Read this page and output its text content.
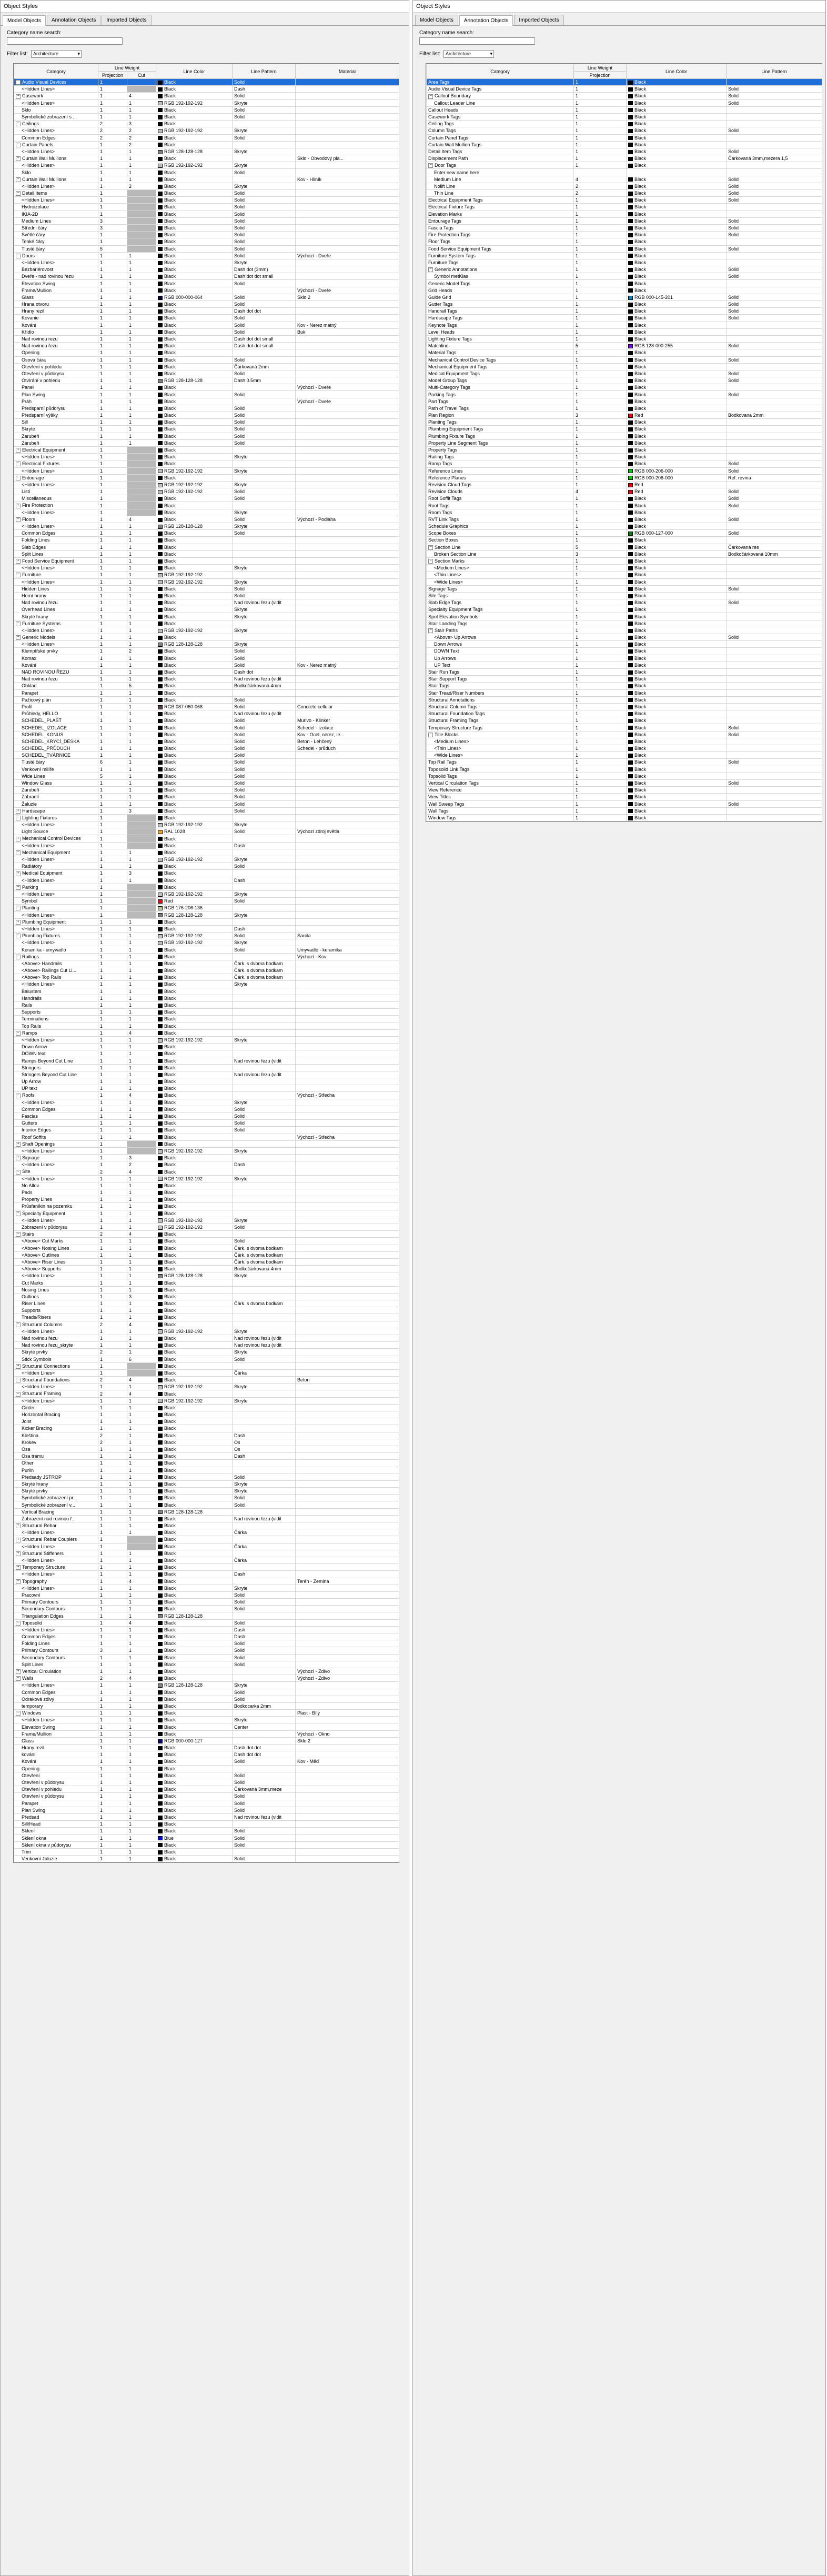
Object Styles
Model Objects	Annotation Objects	Imported Objects
Category name search:
Filter list:	Architecture ▾
Category	Line Weight		Line Color	Line Pattern	Material
	Projection	Cut			
+ Audio Visual Devices	1		Black	Solid	
<Hidden Lines>	1		Black	Dash	
− Casework	1	4	Black	Solid	
<Hidden Lines>	1	1	RGB 192-192-192	Skryte	
Sklo	1	1	Black	Solid	
Symbolické zobrazení s ...	1	1	Black	Solid	
− Ceilings	2	3	Black		
<Hidden Lines>	2	2	RGB 192-192-192	Skryte	
Common Edges	2	2	Black	Solid	
− Curtain Panels	1	2	Black		
<Hidden Lines>	1	1	RGB 128-128-128	Skryte	
− Curtain Wall Mullions	1	1	Black		Sklo - Obvodový pla...
<Hidden Lines>	1	1	RGB 192-192-192	Skryte	
Sklo	1	1	Black	Solid	
− Curtain Wall Mullions	1	1	Black		Kov - Hliník
<Hidden Lines>	1	2	Black	Skryte	
− Detail Items	1		Black	Solid	
<Hidden Lines>	1		Black	Solid	
Hydroizolace	1		Black	Solid	
IKIA-2D	1		Black	Solid	
Medium Lines	3		Black	Solid	
Středni čáry	3		Black	Solid	
Světlé čáry	1		Black	Solid	
Tenké čáry	1		Black	Solid	
Tlusté čáry	5		Black	Solid	
− Doors	1	1	Black	Solid	Výchozí - Dveře
<Hidden Lines>	1	1	Black	Skryte	
Bezbariérovost	1	1	Black	Dash dot (3mm)	
Dveře - nad rovinou řezu	1	1	Black	Dash dot dot small	
Elevation Swing	1	1	Black	Solid	
Frame/Mullion	1	1	Black		Výchozí - Dveře
Glass	1	1	RGB 000-000-064	Solid	Sklo 2
Hrana otvoru	1	1	Black	Solid	
Hrany rezil	1	1	Black	Dash dot dot	
Kovanie	1	1	Black	Solid	
Kování	1	1	Black	Solid	Kov - Nerez matný
Křídlo	1	1	Black	Solid	Buk
Nad rovinou rezu	1	1	Black	Dash dot dot small	
Nad rovinou řezu	1	1	Black	Dash dot dot small	
Opening	1	1	Black		
Osová čára	1	1	Black	Solid	
Otevření v pohledu	1	1	Black	Čárkovaná 2mm	
Otevření v půdorysu	1	1	Black	Solid	
Otvírání v pohledu	1	1	RGB 128-128-128	Dash 0.5mm	
Panel	1	1	Black		Výchozí - Dveře
Plan Swing	1	1	Black	Solid	
Práh	1	1	Black		Výchozí - Dveře
Předsparní půdorysu	1	1	Black	Solid	
Předsparní výšky	1	1	Black	Solid	
Sill	1	1	Black	Solid	
Skryte	1	1	Black	Solid	
Zarubeň	1	1	Black	Solid	
Zárubeň	1	1	Black	Solid	
+ Electrical Equipment	1		Black		
<Hidden Lines>	1		Black	Skryte	
− Electrical Fixtures	1		Black		
<Hidden Lines>	1		RGB 192-192-192	Skryte	
− Entourage	1		Black		
<Hidden Lines>	1		RGB 192-192-192	Skryte	
Listí	1		RGB 192-192-192	Solid	
Miscellaneous	1		Black	Solid	
+ Fire Protection	1		Black		
<Hidden Lines>	1		Black	Skryte	
− Floors	1	4	Black	Solid	Výchozí - Podlaha
<Hidden Lines>	1	1	RGB 128-128-128	Skryte	
Common Edges	1	1	Black	Solid	
Folding Lines	1	1	Black		
Slab Edges	1	1	Black		
Split Lines	1	1	Black		
+ Food Service Equipment	1	1	Black		
<Hidden Lines>	1	1	Black	Skryte	
− Furniture	1	1	RGB 192-192-192		
<Hidden Lines>	1	1	RGB 192-192-192	Skryte	
Hidden Lines	1	1	Black	Solid	
Horní hrany	1	1	Black	Solid	
Nad rovinou řezu	1	1	Black	Nad rovinou řezu (vidit	
Overhead Lines	1	1	Black	Skryte	
Skryté hrany	1	1	Black	Skryte	
− Furniture Systems	1	1	Black		
<Hidden Lines>	1	1	RGB 192-192-192	Skryte	
− Generic Models	1	1	Black		
<Hidden Lines>	1	1	RGB 128-128-128	Skryte	
Klempířské prvky	1	2	Black	Solid	
Komax	1	1	Black	Solid	
Kování	1	1	Black	Solid	Kov - Nerez matný
NAD ROVINOU ŘEZU	1	1	Black	Dash dot	
Nad rovinou řezu	1	1	Black	Nad rovinou řezu (vidit	
Obklad	1	5	Black	Bodkočárkovaná 4mm	
Parapet	1	1	Black		
Pažicový plán	1	1	Black	Solid	
Profil	1	1	RGB 087-060-068	Solid	Concrete cellular
Průhledy, HELLO	1	1	Black	Nad rovinou řezu (vidit	
SCHEDEL_PLÁŠŤ	1	1	Black	Solid	Murivo - Klinker
SCHEDEL_IZOLACE	1	1	Black	Solid	Schedel - izolace
SCHEDEL_KONUS	1	1	Black	Solid	Kov - Ocel, nerez, le...
SCHEDEL_KRYCÍ_DESKA	1	1	Black	Solid	Beton - Lehčený
SCHEDEL_PRŮDUCH	1	1	Black	Solid	Schedel - průduch
SCHEDEL_TVÁRNICE	1	1	Black	Solid	
Tlusté čáry	6	1	Black	Solid	
Venkovní milíře	1	1	Black	Solid	
Wide Lines	5	1	Black	Solid	
Window Glass	1	1	Black	Solid	
Zarubeň	1	1	Black	Solid	
Zábradlí	1	1	Black	Solid	
Žaluzie	1	1	Black	Solid	
+ Hardscape	1	3	Black	Solid	
− Lighting Fixtures	1		Black		
<Hidden Lines>	1		RGB 192-192-192	Skryte	
Light Source	1		RAL 1028	Solid	Výchozí zdroj světla
+ Mechanical Control Devices	1		Black		
<Hidden Lines>	1		Black	Dash	
− Mechanical Equipment	1	1	Black		
<Hidden Lines>	1	1	RGB 192-192-192	Skryte	
Radiátory	1	1	Black	Solid	
+ Medical Equipment	1	3	Black		
<Hidden Lines>	1	1	Black	Dash	
− Parking	1		Black		
<Hidden Lines>	1		RGB 192-192-192	Skryte	
Symbol	1		Red	Solid	
− Planting	1		RGB 176-206-136		
<Hidden Lines>	1		RGB 128-128-128	Skryte	
+ Plumbing Equipment	1	1	Black		
<Hidden Lines>	1	1	Black	Dash	
− Plumbing Fixtures	1	1	RGB 192-192-192	Solid	Sanita
<Hidden Lines>	1	1	RGB 192-192-192	Skryte	
Keramika - umyvadlo	1	1	Black	Solid	Umyvadlo - keramika
− Railings	1	1	Black		Výchozí - Kov
<Above> Handrails	1	1	Black	Čárk. s dvoma bodkam	
<Above> Railings Cut Li...	1	1	Black	Čárk. s dvoma bodkam	
<Above> Top Rails	1	1	Black	Čárk. s dvoma bodkam	
<Hidden Lines>	1	1	Black	Skryte	
Balusters	1	1	Black		
Handrails	1	1	Black		
Rails	1	1	Black		
Supports	1	1	Black		
Terminations	1	1	Black		
Top Rails	1	1	Black		
− Ramps	1	4	Black		
<Hidden Lines>	1	1	RGB 192-192-192	Skryte	
Down Arrow	1	1	Black		
DOWN text	1	1	Black		
Ramps Beyond Cut Line	1	1	Black	Nad rovinou řezu (vidit	
Stringers	1	1	Black		
Stringers Beyond Cut Line	1	1	Black	Nad rovinou řezu (vidit	
Up Arrow	1	1	Black		
UP text	1	1	Black		
− Roofs	1	4	Black		Výchozí - Střecha
<Hidden Lines>	1	1	Black	Skryte	
Common Edges	1	1	Black	Solid	
Fascias	1	1	Black	Solid	
Gutters	1	1	Black	Solid	
Interior Edges	1	1	Black	Solid	
Roof Soffits	1	1	Black		Výchozí - Střecha
+ Shaft Openings	1		Black		
<Hidden Lines>	1		RGB 192-192-192	Skryte	
+ Signage	1	3	Black		
<Hidden Lines>	1	2	Black	Dash	
− Site	2	4	Black		
<Hidden Lines>	1	1	RGB 192-192-192	Skryte	
No Allov	1	1	Black		
Pads	1	1	Black		
Property Lines	1	1	Black		
Průsfaníkin na pozemku	1	1	Black		
− Specialty Equipment	1	1	Black		
<Hidden Lines>	1	1	RGB 192-192-192	Skryte	
Zobrazení v půdorysu	1	1	RGB 192-192-192	Solid	
− Stairs	2	4	Black		
<Above> Cut Marks	1	1	Black	Solid	
<Above> Nosing Lines	1	1	Black	Čárk. s dvoma bodkam	
<Above> Outlines	1	1	Black	Čárk. s dvoma bodkam	
<Above> Riser Lines	1	1	Black	Čárk. s dvoma bodkam	
<Above> Supports	1	1	Black	Bodkočárkovaná 4mm	
<Hidden Lines>	1	1	RGB 128-128-128	Skryte	
Cut Marks	1	1	Black		
Nosing Lines	1	1	Black		
Outlines	1	3	Black		
Riser Lines	1	1	Black	Čárk. s dvoma bodkam	
Supports	1	1	Black		
Treads/Risers	1	1	Black		
− Structural Columns	2	4	Black		
<Hidden Lines>	1	1	RGB 192-192-192	Skryte	
Nad rovinou řezu	1	1	Black	Nad rovinou řezu (vidit	
Nad rovinou řezu_skryte	1	1	Black	Nad rovinou řezu (vidit	
Skryté prvky	2	1	Black	Skryte	
Stick Symbols	1	6	Black	Solid	
+ Structural Connections	1		Black		
<Hidden Lines>	1		Black	Čárka	
− Structural Foundations	2	4	Black		Beton
<Hidden Lines>	1	1	RGB 192-192-192	Skryte	
− Structural Framing	2	4	Black		
<Hidden Lines>	1	1	RGB 192-192-192	Skryte	
Girder	1	1	Black		
Horizontal Bracing	1	1	Black		
Joist	1	1	Black		
Kicker Bracing	1	1	Black		
Kleština	2	1	Black	Dash	
Krokev	2	1	Black	Os	
Osa	1	1	Black	Os	
Osa trámu	1	1	Black	Dash	
Other	1	1	Black		
Purlin	1	1	Black		
Předsady JSTROP	1	1	Black	Solid	
Skryté hrany	1	1	Black	Skryte	
Skryté prvky	1	1	Black	Skryte	
Symbolické zobrazení pr...	1	1	Black	Solid	
Symbolické zobrazení v...	1	1	Black	Solid	
Vertical Bracing	1	1	RGB 128-128-128		
Zobrazení nad rovinou ř...	1	1	Black	Nad rovinou řezu (vidit	
+ Structural Rebar	1	1	Black		
<Hidden Lines>	1	1	Black	Čárka	
+ Structural Rebar Couplers	1		Black		
<Hidden Lines>	1		Black	Čárka	
+ Structural Stiffeners	1	1	Black		
<Hidden Lines>	1	1	Black	Čárka	
+ Temporary Structure	1	1	Black		
<Hidden Lines>	1	1	Black	Dash	
− Topography	1	4	Black		Terén - Zemina
<Hidden Lines>	1	1	Black	Skryte	
Pracovní	1	1	Black	Solid	
Primary Contours	1	1	Black	Solid	
Secondary Contours	1	1	Black	Solid	
Triangulation Edges	1	1	RGB 128-128-128		
− Toposolid	1	4	Black	Solid	
<Hidden Lines>	1	1	Black	Dash	
Common Edges	1	1	Black	Dash	
Folding Lines	1	1	Black	Solid	
Primary Contours	3	1	Black	Solid	
Secondary Contours	1	1	Black	Solid	
Split Lines	1	1	Black	Solid	
+ Vertical Circulation	1	1	Black		Výchozí - Zdivo
− Walls	2	4	Black		Výchozí - Zdivo
<Hidden Lines>	1	1	RGB 128-128-128	Skryte	
Common Edges	1	1	Black	Solid	
Odraková zdivy	1	1	Black	Solid	
temporary	1	1	Black	Bodkocarka 2mm	
− Windows	1	1	Black		Plast - Bíly
<Hidden Lines>	1	1	Black	Skryte	
Elevation Swing	1	1	Black	Center	
Frame/Mullion	1	1	Black		Výchozí - Okno
Glass	1	1	RGB 000-000-127		Sklo 2
Hrany rezil	1	1	Black	Dash dot dot	
kování	1	1	Black	Dash dot dot	
Kování	1	1	Black	Solid	Kov - Měď
Opening	1	1	Black		
Otevření	1	1	Black	Solid	
Otevření v půdorysu	1	1	Black	Solid	
Otevření v pohledu	1	1	Black	Čárkovaná 3mm,meze	
Otevření v půdorysu	1	1	Black	Solid	
Parapet	1	1	Black	Solid	
Plan Swing	1	1	Black	Solid	
Předsad	1	1	Black	Nad rovinou řezu (vidit	
Sill/Head	1	1	Black		
Sklení	1	1	Black	Solid	
Sklení okna	1	1	Blue	Solid	
Sklení okna v půdorysu	1	1	Black	Solid	
Trim	1	1	Black		
Venkovní žaluzie	1	1	Black	Solid	
Object Styles
Model Objects	Annotation Objects	Imported Objects
Category name search:
Filter list:	Architecture ▾
Category	Line Weight	Line Color	Line Pattern
	Projection		
Area Tags	1	Black	
Audio Visual Device Tags	1	Black	Solid
− Callout Boundary	1	Black	Solid
Callout Leader Line	1	Black	Solid
Callout Heads	1	Black	
Casework Tags	1	Black	
Ceiling Tags	1	Black	
Column Tags	1	Black	Solid
Curtain Panel Tags	1	Black	
Curtain Wall Mullion Tags	1	Black	
Detail Item Tags	1	Black	Solid
Displacement Path	1	Black	Čárkovaná 3mm,mezera 1,5
− Door Tags	1	Black	
Enter new name here			
Medium Line	4	Black	Solid
Nolift Line	2	Black	Solid
Thin Line	2	Black	Solid
Electrical Equipment Tags	1	Black	Solid
Electrical Fixture Tags	1	Black	
Elevation Marks	1	Black	
Entourage Tags	1	Black	Solid
Fascia Tags	1	Black	Solid
Fire Protection Tags	1	Black	Solid
Floor Tags	1	Black	
Food Service Equipment Tags	1	Black	Solid
Furniture System Tags	1	Black	
Furniture Tags	1	Black	
− Generic Annotations	1	Black	Solid
Symbol metKlas	1	Black	Solid
Generic Model Tags	1	Black	
Grid Heads	1	Black	
Guide Grid	1	RGB 000-145-201	Solid
Gutter Tags	1	Black	Solid
Handrail Tags	1	Black	Solid
Hardscape Tags	1	Black	Solid
Keynote Tags	1	Black	
Level Heads	1	Black	
Lighting Fixture Tags	1	Black	
Matchline	5	RGB 128-000-255	Solid
Material Tags	1	Black	
Mechanical Control Device Tags	1	Black	Solid
Mechanical Equipment Tags	1	Black	
Medical Equipment Tags	1	Black	Solid
Model Group Tags	1	Black	Solid
Multi-Category Tags	1	Black	
Parking Tags	1	Black	Solid
Part Tags	1	Black	
Path of Travel Tags	1	Black	
Plan Region	3	Red	Bodkovana 2mm
Planting Tags	1	Black	
Plumbing Equipment Tags	1	Black	
Plumbing Fixture Tags	1	Black	
Property Line Segment Tags	1	Black	
Property Tags	1	Black	
Railing Tags	1	Black	
Ramp Tags	1	Black	Solid
Reference Lines	1	RGB 000-206-000	Solid
Reference Planes	1	RGB 000-206-000	Ref. rovina
Revision Cloud Tags	1	Red	
Revision Clouds	4	Red	Solid
Roof Soffit Tags	1	Black	Solid
Roof Tags	1	Black	Solid
Room Tags	1	Black	
RVT Link Tags	1	Black	Solid
Schedule Graphics	1	Black	
Scope Boxes	1	RGB 000-127-000	Solid
Section Boxes	1	Black	
− Section Line	5	Black	Čárkovaná res
Broken Section Line	3	Black	Bodkočárkovaná 10mm
− Section Marks	1	Black	
<Medium Lines>	1	Black	
<Thin Lines>	1	Black	
<Wide Lines>	1	Black	
Signage Tags	1	Black	Solid
Site Tags	1	Black	
Slab Edge Tags	1	Black	Solid
Specialty Equipment Tags	1	Black	
Spot Elevation Symbols	1	Black	
Stair Landing Tags	1	Black	
− Stair Paths	1	Black	
<Above> Up Arrows	1	Black	Solid
Down Arrows	1	Black	
DOWN Text	1	Black	
Up Arrows	1	Black	
UP Text	1	Black	
Stair Run Tags	1	Black	
Stair Support Tags	1	Black	
Stair Tags	1	Black	
Stair Tread/Riser Numbers	1	Black	
Structural Annotations	1	Black	
Structural Column Tags	1	Black	
Structural Foundation Tags	1	Black	
Structural Framing Tags	1	Black	
Temporary Structure Tags	1	Black	Solid
− Title Blocks	1	Black	Solid
<Medium Lines>	1	Black	
<Thin Lines>	1	Black	
<Wide Lines>	1	Black	
Top Rail Tags	1	Black	Solid
Toposolid Link Tags	1	Black	
Topsolid Tags	1	Black	
Vertical Circulation Tags	1	Black	Solid
View Reference	1	Black	
View Titles	1	Black	
Wall Sweep Tags	1	Black	Solid
Wall Tags	1	Black	
Window Tags	1	Black	
